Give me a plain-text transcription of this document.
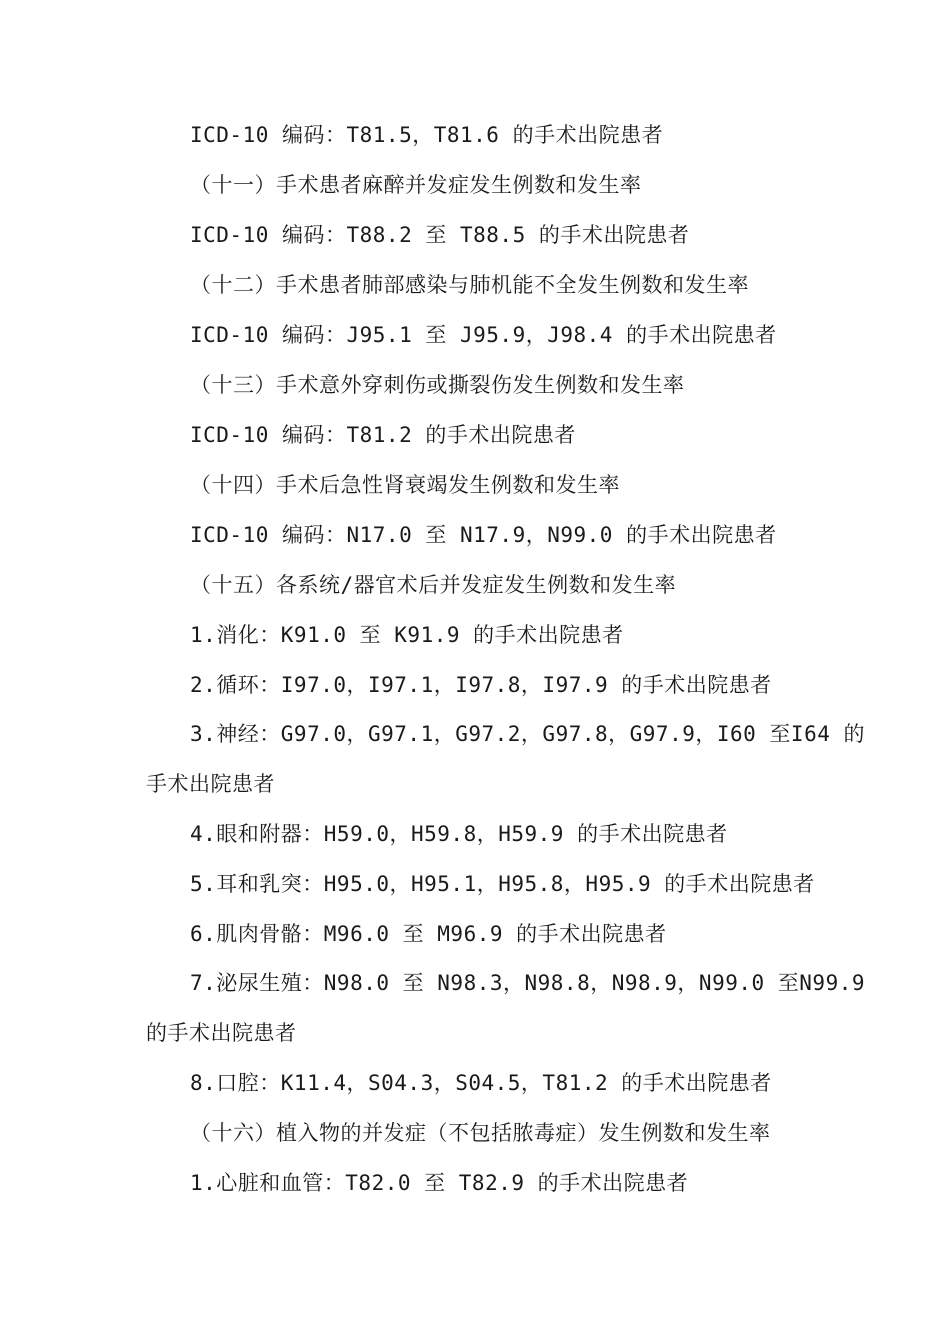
ICD-10 编码：T81.5，T81.6 的手术出院患者
（十一）手术患者麻醉并发症发生例数和发生率
ICD-10 编码：T88.2 至 T88.5 的手术出院患者
（十二）手术患者肺部感染与肺机能不全发生例数和发生率
ICD-10 编码：J95.1 至 J95.9，J98.4 的手术出院患者
（十三）手术意外穿刺伤或撕裂伤发生例数和发生率
ICD-10 编码：T81.2 的手术出院患者
（十四）手术后急性肾衰竭发生例数和发生率
ICD-10 编码：N17.0 至 N17.9，N99.0 的手术出院患者
（十五）各系统/器官术后并发症发生例数和发生率
1.消化：K91.0 至 K91.9 的手术出院患者
2.循环：I97.0，I97.1，I97.8，I97.9 的手术出院患者
3.神经：G97.0，G97.1，G97.2，G97.8，G97.9，I60 至I64 的
手术出院患者
4.眼和附器：H59.0，H59.8，H59.9 的手术出院患者
5.耳和乳突：H95.0，H95.1，H95.8，H95.9 的手术出院患者
6.肌肉骨骼：M96.0 至 M96.9 的手术出院患者
7.泌尿生殖：N98.0 至 N98.3，N98.8，N98.9，N99.0 至N99.9
的手术出院患者
8.口腔：K11.4，S04.3，S04.5，T81.2 的手术出院患者
（十六）植入物的并发症（不包括脓毒症）发生例数和发生率
1.心脏和血管：T82.0 至 T82.9 的手术出院患者
